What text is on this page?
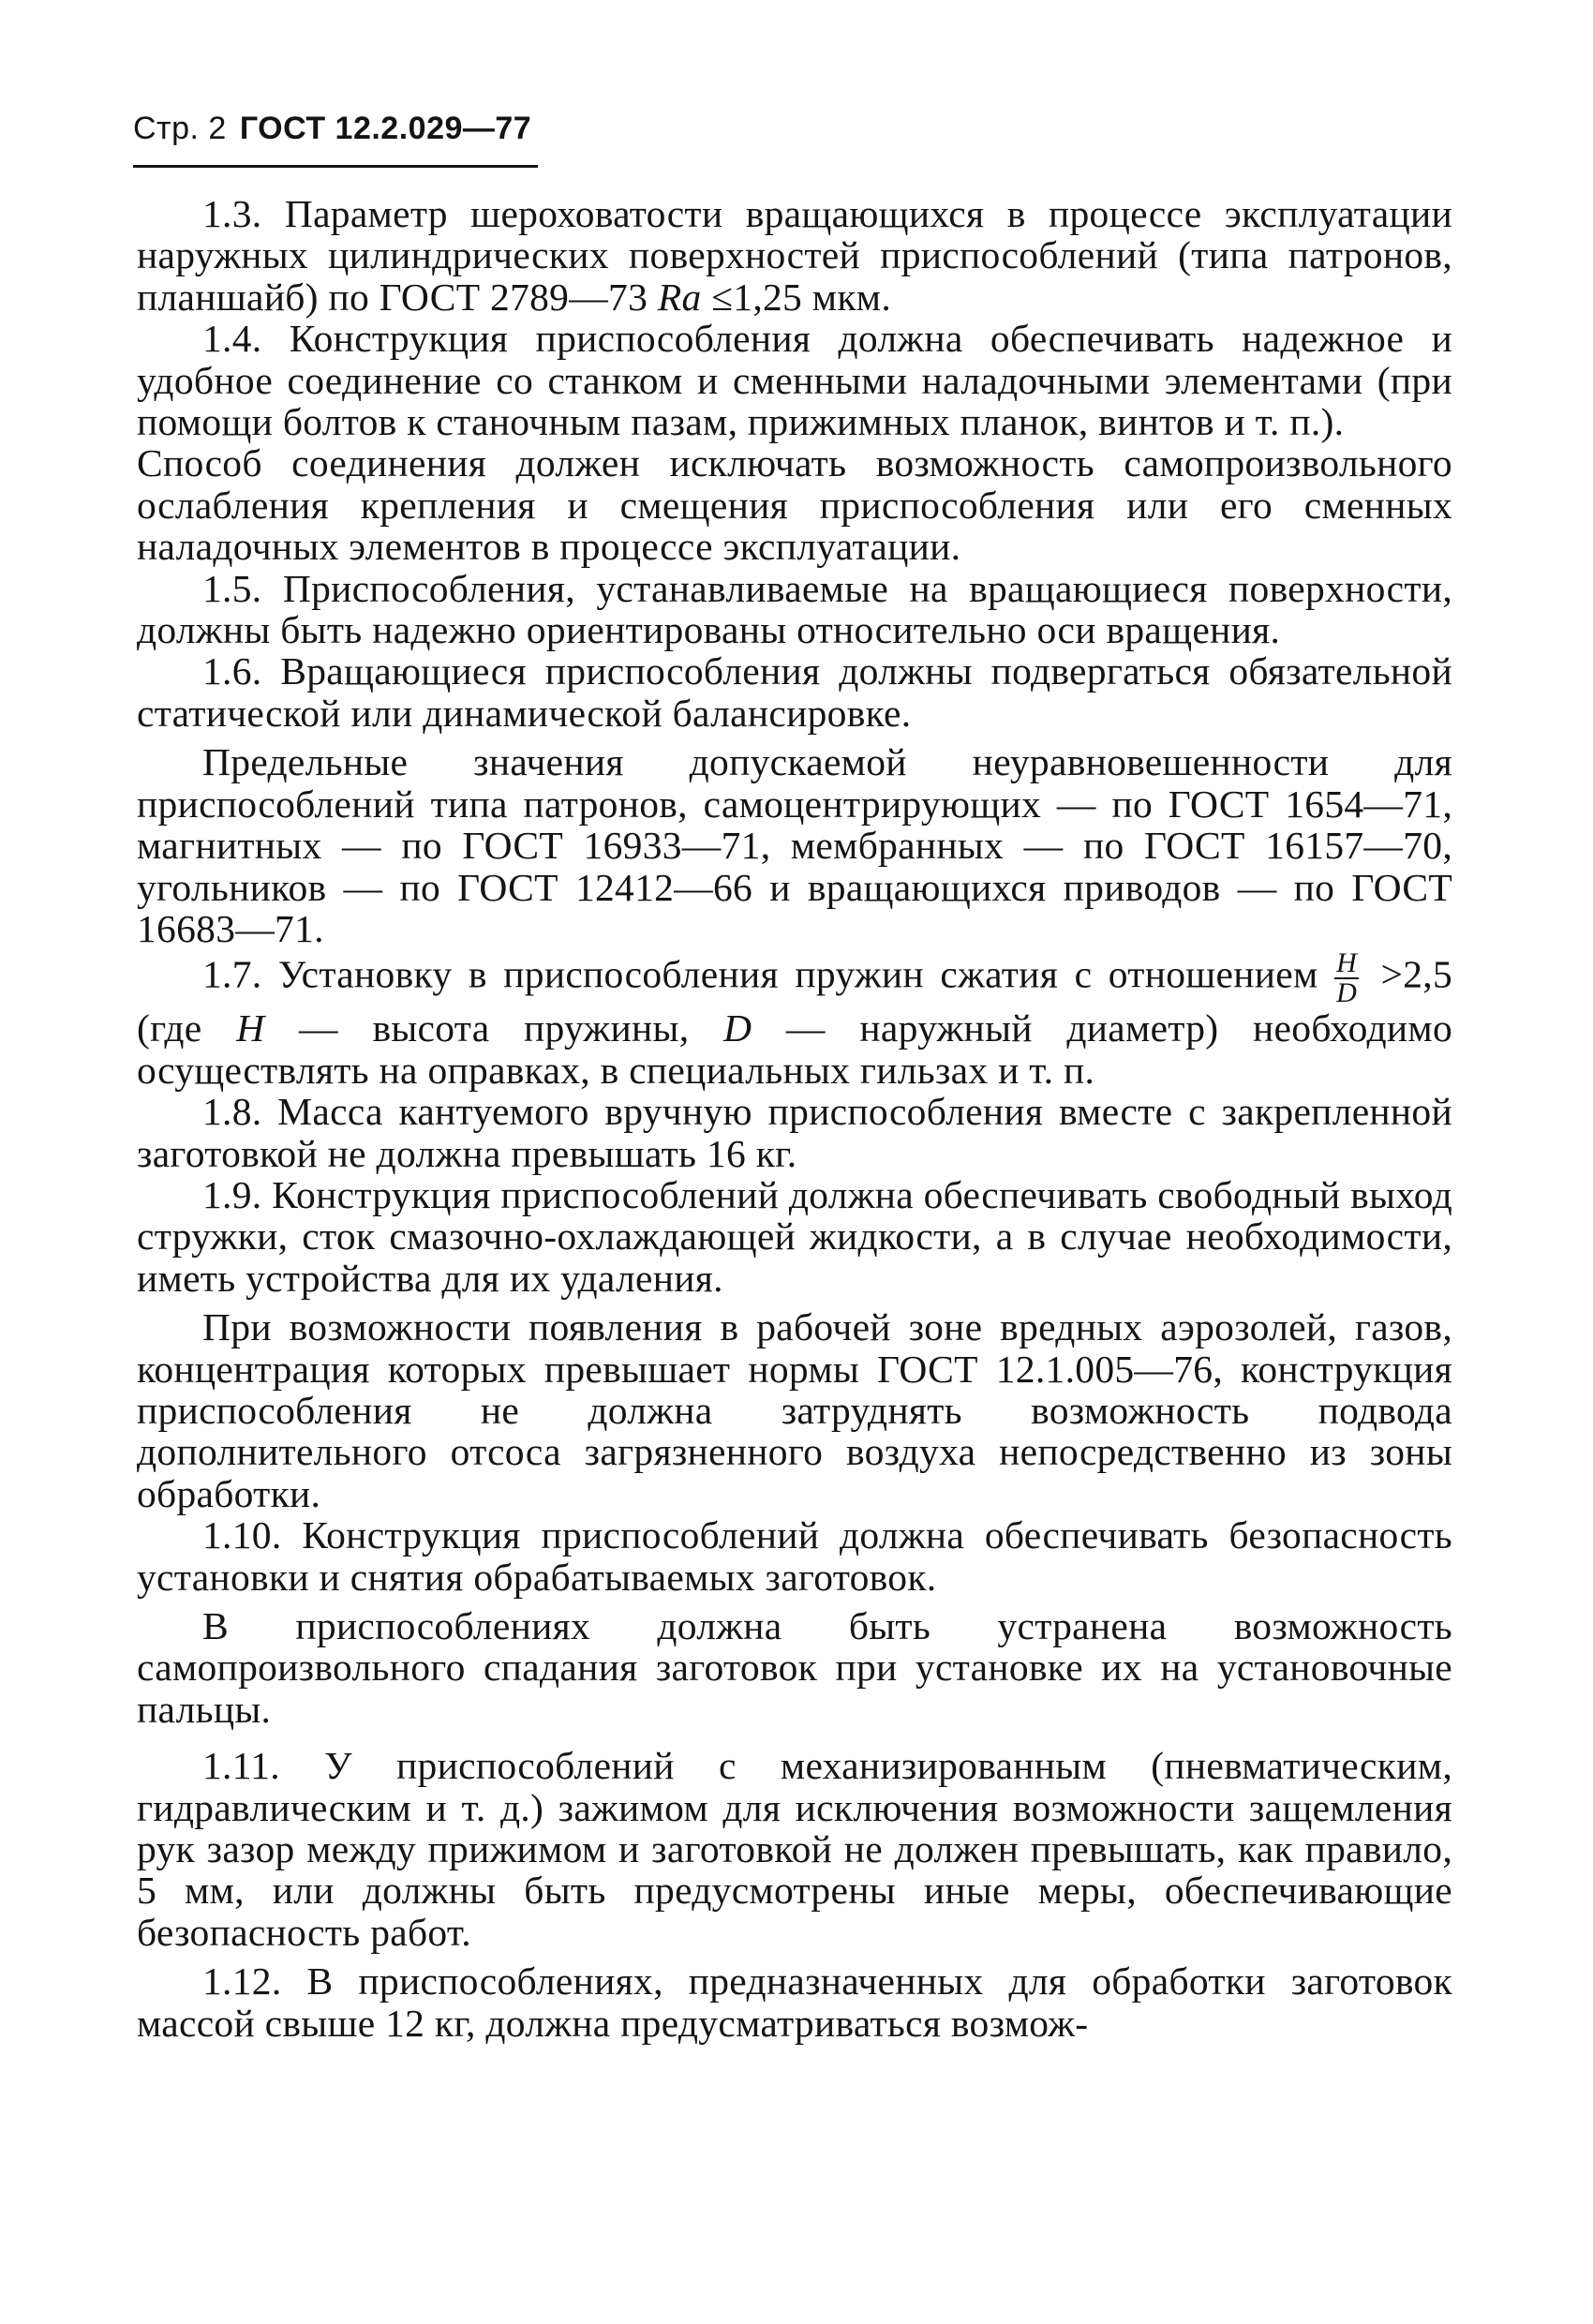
Стр. 2 ГОСТ 12.2.029—77

1.3. Параметр шероховатости вращающихся в процессе эксплуатации наружных цилиндрических поверхностей приспособлений (типа патронов, планшайб) по ГОСТ 2789—73 Ra ≤1,25 мкм.

1.4. Конструкция приспособления должна обеспечивать надежное и удобное соединение со станком и сменными наладочными элементами (при помощи болтов к станочным пазам, прижимных планок, винтов и т. п.).

Способ соединения должен исключать возможность самопроизвольного ослабления крепления и смещения приспособления или его сменных наладочных элементов в процессе эксплуатации.

1.5. Приспособления, устанавливаемые на вращающиеся поверхности, должны быть надежно ориентированы относительно оси вращения.

1.6. Вращающиеся приспособления должны подвергаться обязательной статической или динамической балансировке.

Предельные значения допускаемой неуравновешенности для приспособлений типа патронов, самоцентрирующих — по ГОСТ 1654—71, магнитных — по ГОСТ 16933—71, мембранных — по ГОСТ 16157—70, угольников — по ГОСТ 12412—66 и вращающихся приводов — по ГОСТ 16683—71.

1.7. Установку в приспособления пружин сжатия с отношением $\frac{H}{D} >2,5$ (где H — высота пружины, D — наружный диаметр) необходимо осуществлять на оправках, в специальных гильзах и т. п.

1.8. Масса кантуемого вручную приспособления вместе с закрепленной заготовкой не должна превышать 16 кг.

1.9. Конструкция приспособлений должна обеспечивать свободный выход стружки, сток смазочно-охлаждающей жидкости, а в случае необходимости, иметь устройства для их удаления.

При возможности появления в рабочей зоне вредных аэрозолей, газов, концентрация которых превышает нормы ГОСТ 12.1.005—76, конструкция приспособления не должна затруднять возможность подвода дополнительного отсоса загрязненного воздуха непосредственно из зоны обработки.

1.10. Конструкция приспособлений должна обеспечивать безопасность установки и снятия обрабатываемых заготовок.

В приспособлениях должна быть устранена возможность самопроизвольного спадания заготовок при установке их на установочные пальцы.

1.11. У приспособлений с механизированным (пневматическим, гидравлическим и т. д.) зажимом для исключения возможности защемления рук зазор между прижимом и заготовкой не должен превышать, как правило, 5 мм, или должны быть предусмотрены иные меры, обеспечивающие безопасность работ.

1.12. В приспособлениях, предназначенных для обработки заготовок массой свыше 12 кг, должна предусматриваться возмож-
